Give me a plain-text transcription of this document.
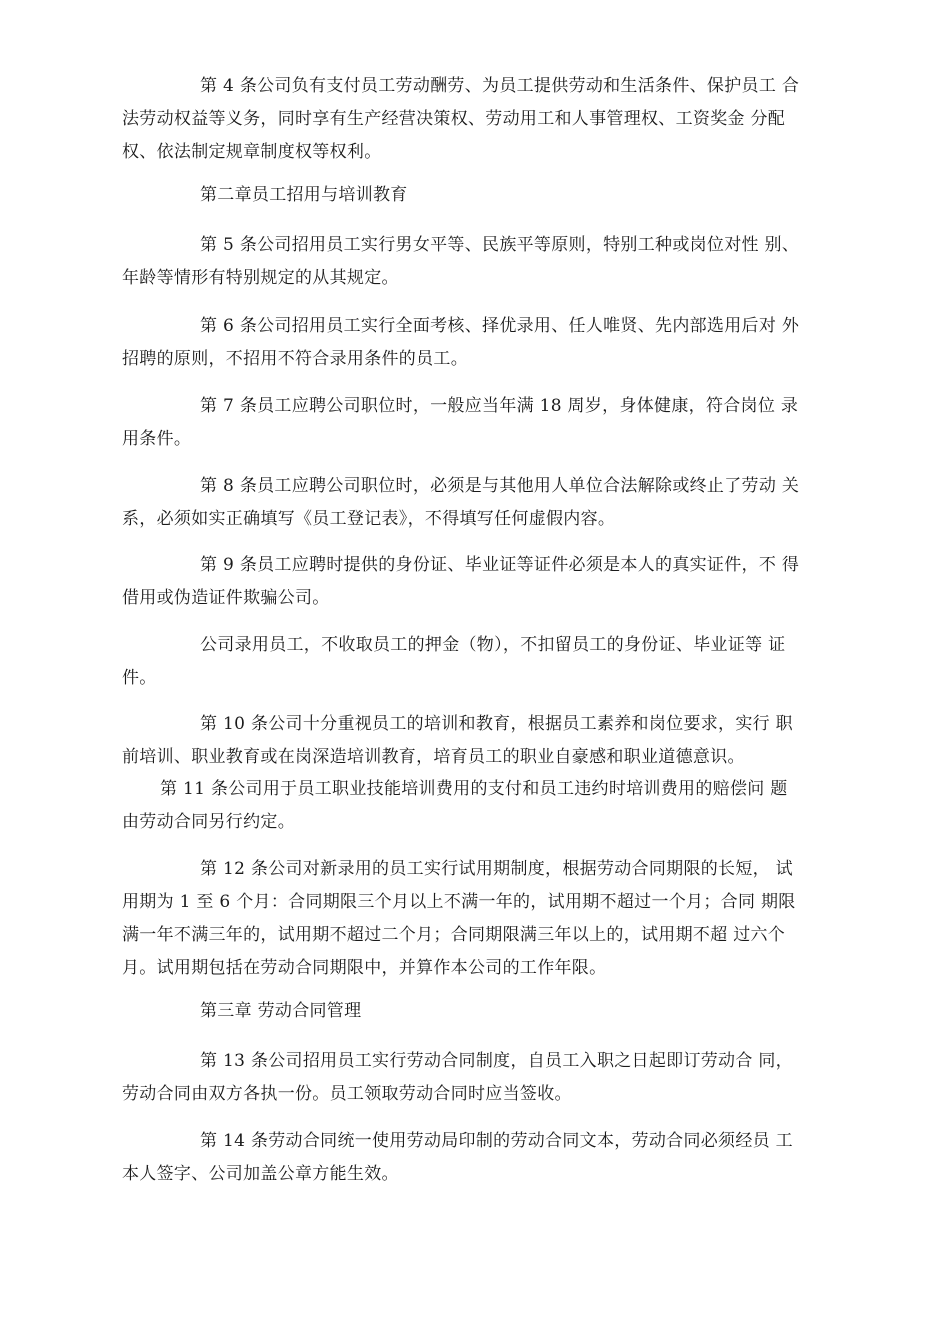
第 4 条公司负有支付员工劳动酬劳、为员工提供劳动和生活条件、保护员工 合
法劳动权益等义务，同时享有生产经营决策权、劳动用工和人事管理权、工资奖金 分配
权、依法制定规章制度权等权利。
第二章员工招用与培训教育
第 5 条公司招用员工实行男女平等、民族平等原则，特别工种或岗位对性 别、
年龄等情形有特别规定的从其规定。
第 6 条公司招用员工实行全面考核、择优录用、任人唯贤、先内部选用后对 外
招聘的原则，不招用不符合录用条件的员工。
第 7 条员工应聘公司职位时，一般应当年满 18 周岁，身体健康，符合岗位 录
用条件。
第 8 条员工应聘公司职位时，必须是与其他用人单位合法解除或终止了劳动 关
系，必须如实正确填写《员工登记表》，不得填写任何虚假内容。
第 9 条员工应聘时提供的身份证、毕业证等证件必须是本人的真实证件，不 得
借用或伪造证件欺骗公司。
公司录用员工，不收取员工的押金（物），不扣留员工的身份证、毕业证等 证
件。
第 10 条公司十分重视员工的培训和教育，根据员工素养和岗位要求，实行 职
前培训、职业教育或在岗深造培训教育，培育员工的职业自豪感和职业道德意识。
第 11 条公司用于员工职业技能培训费用的支付和员工违约时培训费用的赔偿问 题
由劳动合同另行约定。
第 12 条公司对新录用的员工实行试用期制度，根据劳动合同期限的长短， 试
用期为 1 至 6 个月：合同期限三个月以上不满一年的，试用期不超过一个月；合同 期限
满一年不满三年的，试用期不超过二个月；合同期限满三年以上的，试用期不超 过六个
月。试用期包括在劳动合同期限中，并算作本公司的工作年限。
第三章 劳动合同管理
第 13 条公司招用员工实行劳动合同制度，自员工入职之日起即订劳动合 同，
劳动合同由双方各执一份。员工领取劳动合同时应当签收。
第 14 条劳动合同统一使用劳动局印制的劳动合同文本，劳动合同必须经员 工
本人签字、公司加盖公章方能生效。
